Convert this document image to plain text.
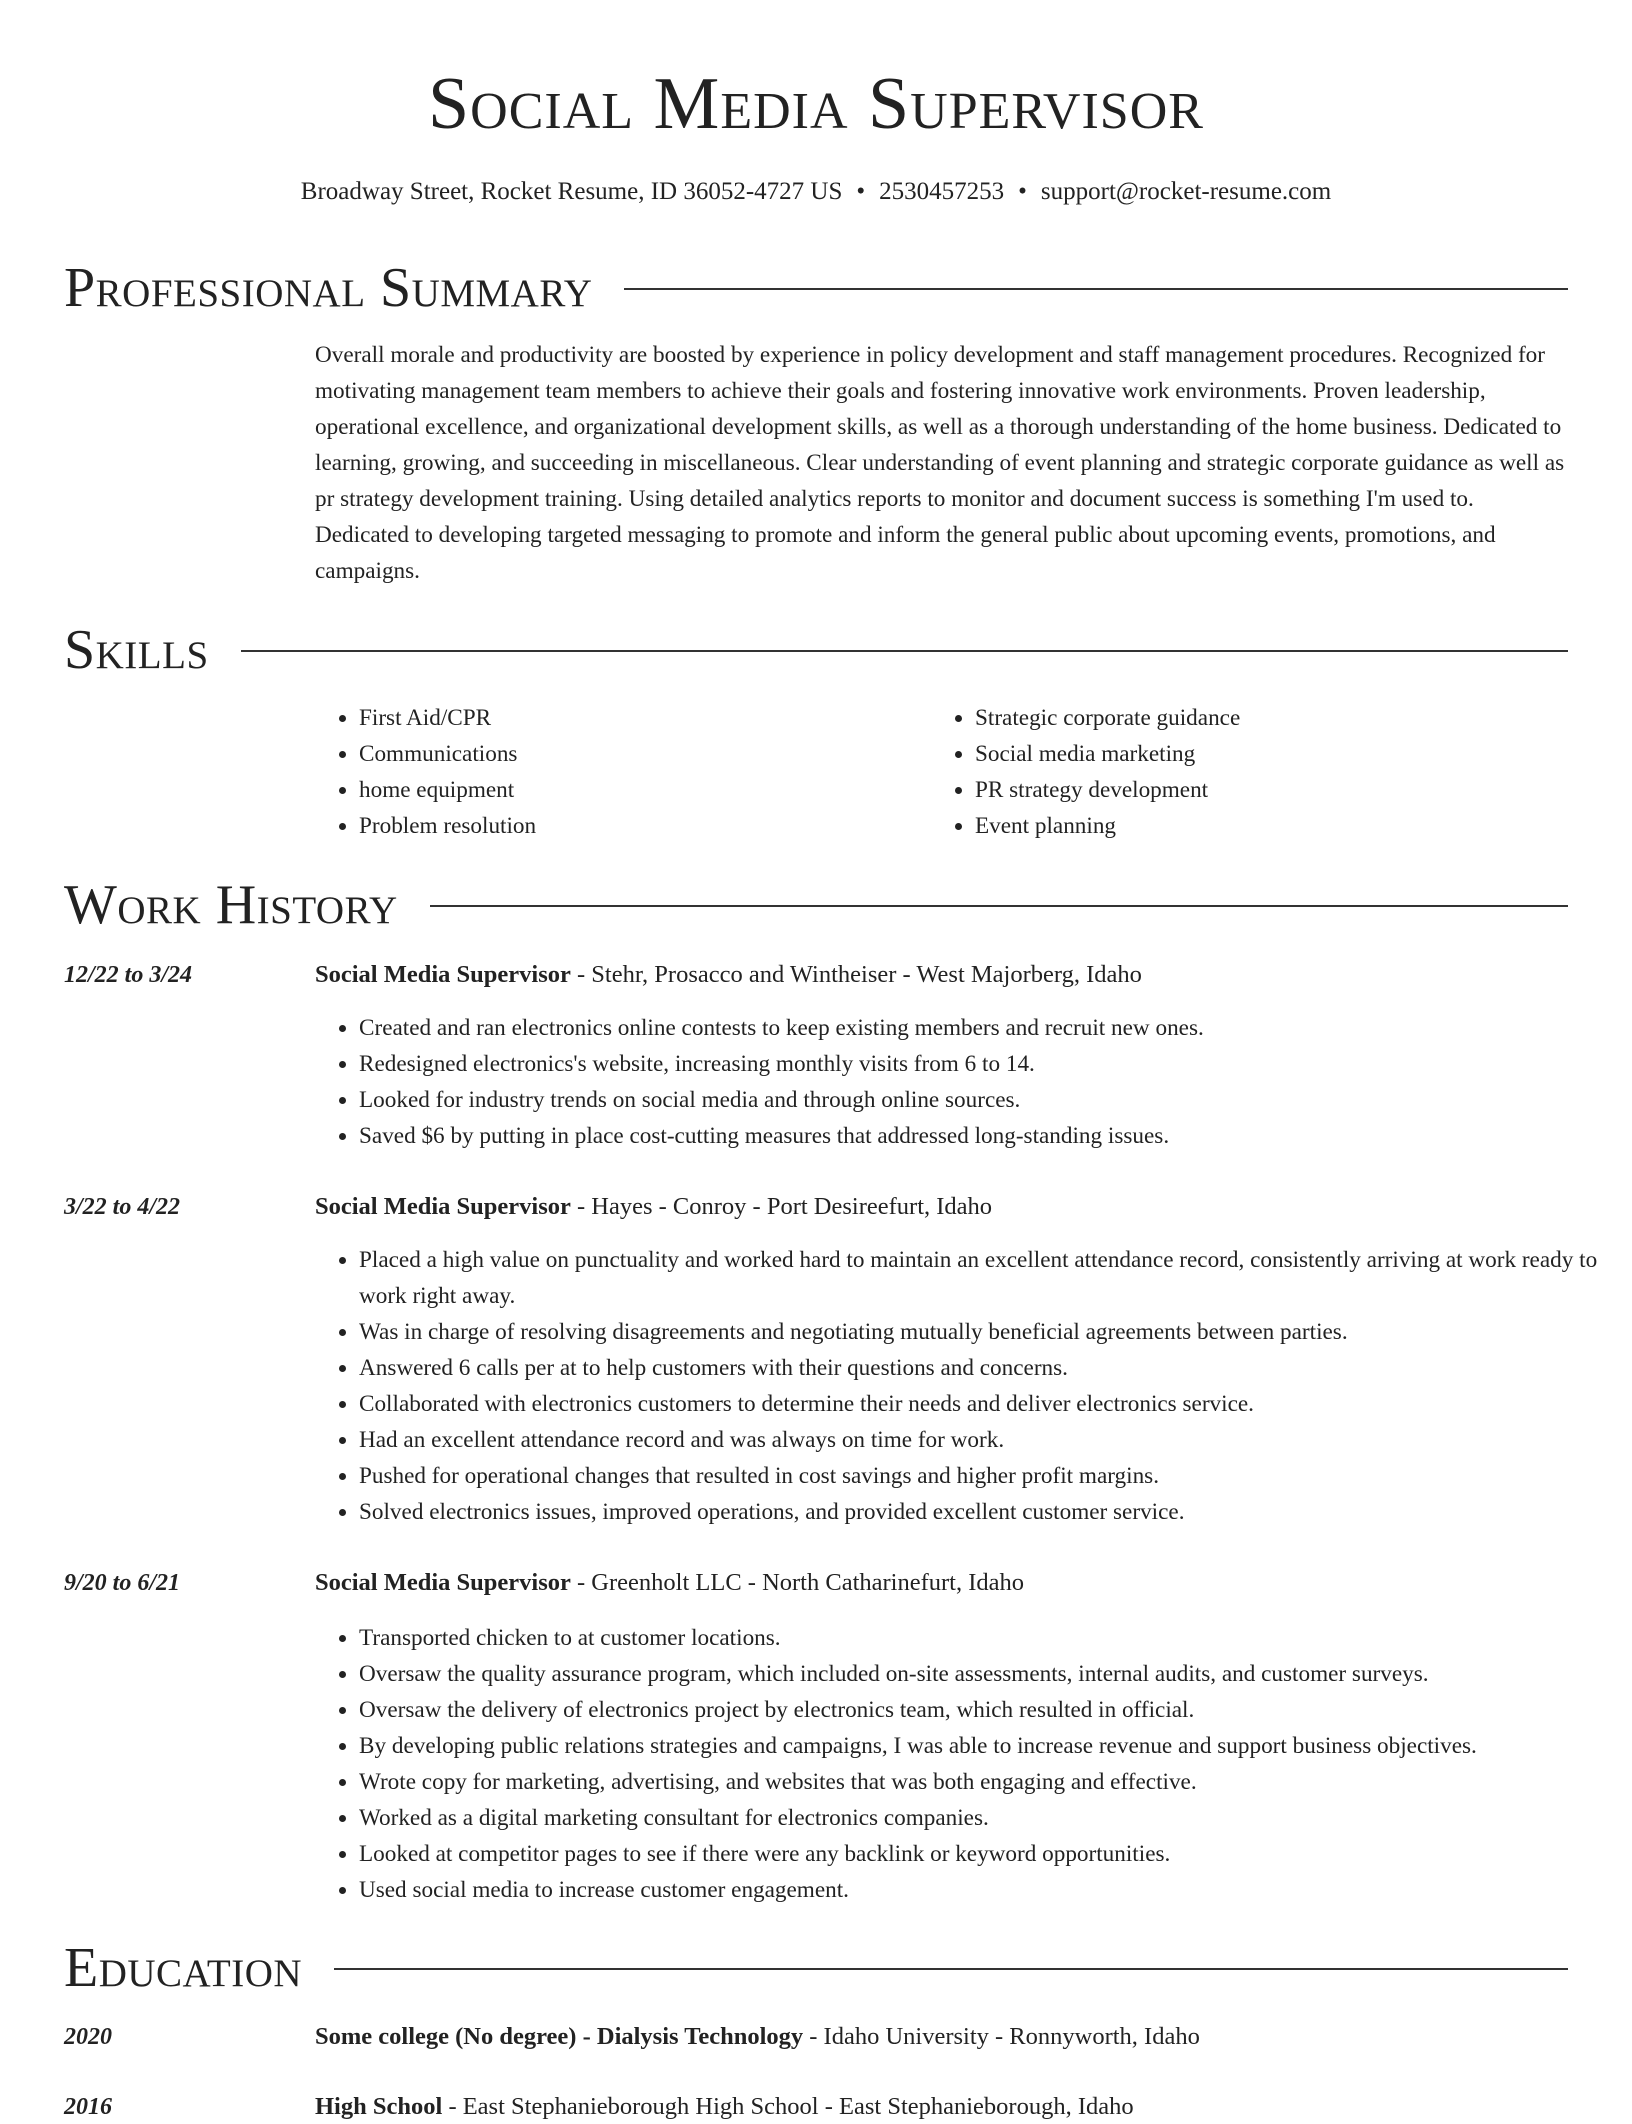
Social Media Supervisor
Broadway Street, Rocket Resume, ID 36052-4727 US • 2530457253 • support@rocket-resume.com
Professional Summary

Overall morale and productivity are boosted by experience in policy development and staff management procedures. Recognized for motivating management team members to achieve their goals and fostering innovative work environments. Proven leadership, operational excellence, and organizational development skills, as well as a thorough understanding of the home business. Dedicated to learning, growing, and succeeding in miscellaneous. Clear understanding of event planning and strategic corporate guidance as well as pr strategy development training. Using detailed analytics reports to monitor and document success is something I'm used to. Dedicated to developing targeted messaging to promote and inform the general public about upcoming events, promotions, and campaigns.

Skills
• First Aid/CPR
• Communications
• home equipment
• Problem resolution
• Strategic corporate guidance
• Social media marketing
• PR strategy development
• Event planning
Work History
12/22 to 3/24	Social Media Supervisor - Stehr, Prosacco and Wintheiser - West Majorberg, Idaho
• Created and ran electronics online contests to keep existing members and recruit new ones.
• Redesigned electronics's website, increasing monthly visits from 6 to 14.
• Looked for industry trends on social media and through online sources.
• Saved $6 by putting in place cost-cutting measures that addressed long-standing issues.
3/22 to 4/22	Social Media Supervisor - Hayes - Conroy - Port Desireefurt, Idaho
• Placed a high value on punctuality and worked hard to maintain an excellent attendance record, consistently arriving at work ready to work right away.
• Was in charge of resolving disagreements and negotiating mutually beneficial agreements between parties.
• Answered 6 calls per at to help customers with their questions and concerns.
• Collaborated with electronics customers to determine their needs and deliver electronics service.
• Had an excellent attendance record and was always on time for work.
• Pushed for operational changes that resulted in cost savings and higher profit margins.
• Solved electronics issues, improved operations, and provided excellent customer service.
9/20 to 6/21	Social Media Supervisor - Greenholt LLC - North Catharinefurt, Idaho
• Transported chicken to at customer locations.
• Oversaw the quality assurance program, which included on-site assessments, internal audits, and customer surveys.
• Oversaw the delivery of electronics project by electronics team, which resulted in official.
• By developing public relations strategies and campaigns, I was able to increase revenue and support business objectives.
• Wrote copy for marketing, advertising, and websites that was both engaging and effective.
• Worked as a digital marketing consultant for electronics companies.
• Looked at competitor pages to see if there were any backlink or keyword opportunities.
• Used social media to increase customer engagement.
Education
2020	Some college (No degree) - Dialysis Technology - Idaho University - Ronnyworth, Idaho
2016	High School - East Stephanieborough High School - East Stephanieborough, Idaho
